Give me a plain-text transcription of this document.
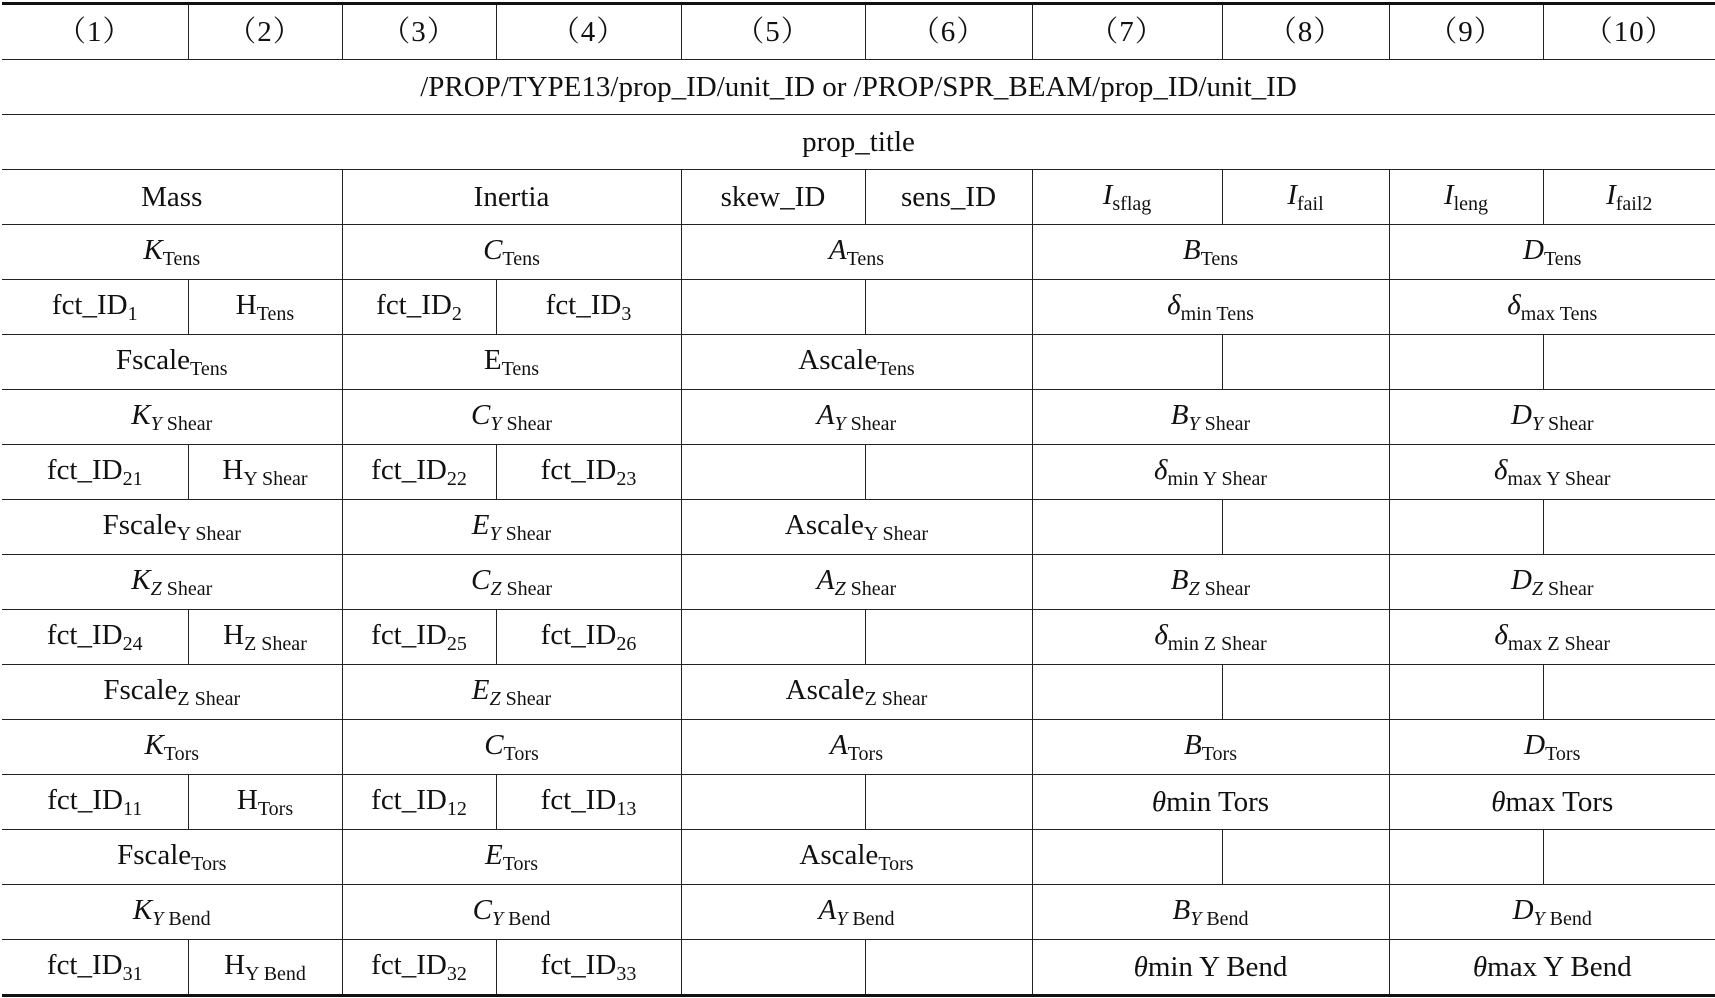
（1）	（2）	（3）	（4）	（5）	（6）	（7）	（8）	（9）	（10）
/PROP/TYPE13/prop_ID/unit_ID or /PROP/SPR_BEAM/prop_ID/unit_ID									
prop_title									
Mass		Inertia		skew_ID	sens_ID	$I_{sflag}$	$I_{fail}$	$I_{leng}$	$I_{fail2}$
$K_{Tens}$		$C_{Tens}$		$A_{Tens}$		$B_{Tens}$		$D_{Tens}$
$fct\_ID_1$	$H_{Tens}$	$fct\_ID_2$	$fct\_ID_3$			$\delta_{min Tens}$		$\delta_{max Tens}$
Fscale$_{Tens}$		$E_{Tens}$		Ascale$_{Tens}$				
$K_Y$ $_{Shear}$		$C_Y$ $_{Shear}$		$A_Y$ $_{Shear}$		$B_Y$ $_{Shear}$		$D_Y$ $_{Shear}$
$fct\_ID_{21}$	$H_{Y Shear}$	$fct\_ID_{22}$	$fct\_ID_{23}$			$\delta_{min Y Shear}$		$\delta_{max Y Shear}$
Fscale$_{Y Shear}$		$E_Y$ $_{Shear}$		Ascale$_{Y Shear}$				
$K_Z$ $_{Shear}$		$C_Z$ $_{Shear}$		$A_Z$ $_{Shear}$		$B_Z$ $_{Shear}$		$D_Z$ $_{Shear}$
$fct\_ID_{24}$	$H_{Z Shear}$	$fct\_ID_{25}$	$fct\_ID_{26}$			$\delta_{min Z Shear}$		$\delta_{max Z Shear}$
Fscale$_{Z Shear}$		$E_Z$ $_{Shear}$		Ascale$_{Z Shear}$				
$K_{Tors}$		$C_{Tors}$		$A_{Tors}$		$B_{Tors}$		$D_{Tors}$
$fct\_ID_{11}$	$H_{Tors}$	$fct\_ID_{12}$	$fct\_ID_{13}$			θmin Tors		θmax Tors	
Fscale$_{Tors}$		$E_{Tors}$		Ascale$_{Tors}$				
$K_Y$ $_{Bend}$		$C_Y$ $_{Bend}$		$A_Y$ $_{Bend}$		$B_Y$ $_{Bend}$		$D_Y$ $_{Bend}$
$fct\_ID_{31}$	$H_{Y Bend}$	$fct\_ID_{32}$	$fct\_ID_{33}$			θmin Y Bend		θmax Y Bend	
